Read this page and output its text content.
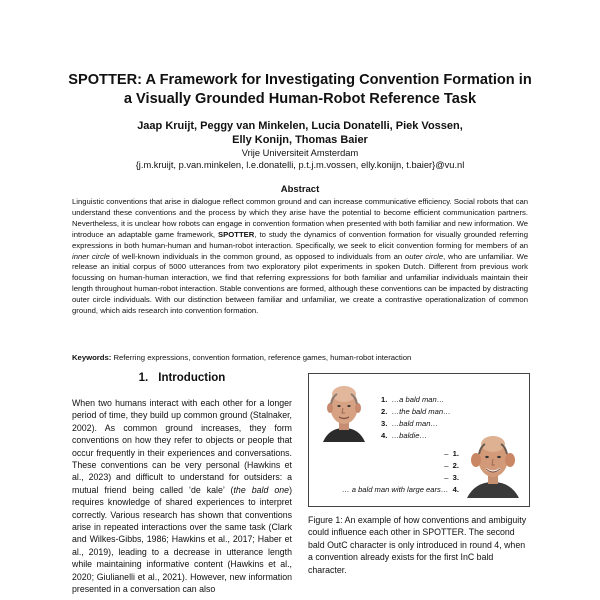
SPOTTER: A Framework for Investigating Convention Formation in
a Visually Grounded Human-Robot Reference Task
Jaap Kruijt, Peggy van Minkelen, Lucia Donatelli, Piek Vossen,
Elly Konijn, Thomas Baier
Vrije Universiteit Amsterdam
{j.m.kruijt, p.van.minkelen, l.e.donatelli, p.t.j.m.vossen, elly.konijn, t.baier}@vu.nl
Abstract
Linguistic conventions that arise in dialogue reflect common ground and can increase communicative efficiency. Social robots that can understand these conventions and the process by which they arise have the potential to become efficient communication partners. Nevertheless, it is unclear how robots can engage in convention formation when presented with both familiar and new information. We introduce an adaptable game framework, SPOTTER, to study the dynamics of convention formation for visually grounded referring expressions in both human-human and human-robot interaction. Specifically, we seek to elicit convention forming for members of an inner circle of well-known individuals in the common ground, as opposed to individuals from an outer circle, who are unfamiliar. We release an initial corpus of 5000 utterances from two exploratory pilot experiments in spoken Dutch. Different from previous work focussing on human-human interaction, we find that referring expressions for both familiar and unfamiliar individuals maintain their length throughout human-robot interaction. Stable conventions are formed, although these conventions can be impacted by distracting outer circle individuals. With our distinction between familiar and unfamiliar, we create a contrastive operationalization of common ground, which aids research into convention formation.
Keywords: Referring expressions, convention formation, reference games, human-robot interaction
1. Introduction
When two humans interact with each other for a longer period of time, they build up common ground (Stalnaker, 2002). As common ground increases, they form conventions on how they refer to objects or people that occur frequently in their experiences and conversations. These conventions can be very personal (Hawkins et al., 2023) and difficult to understand for outsiders: a mutual friend being called ‘de kale’ (the bald one) requires knowledge of shared experiences to interpret correctly. Various research has shown that conventions arise in repeated interactions over the same task (Clark and Wilkes-Gibbs, 1986; Hawkins et al., 2017; Haber et al., 2019), leading to a decrease in utterance length while maintaining informative content (Hawkins et al., 2020; Giulianelli et al., 2021). However, new information presented in a conversation can also
1. …a bald man…
2. …the bald man…
3. …bald man…
4. …baldie…
– 1.
– 2.
– 3.
… a bald man with large ears… 4.
Figure 1: An example of how conventions and ambiguity could influence each other in SPOTTER. The second bald OutC character is only introduced in round 4, when a convention already exists for the first InC bald character.
